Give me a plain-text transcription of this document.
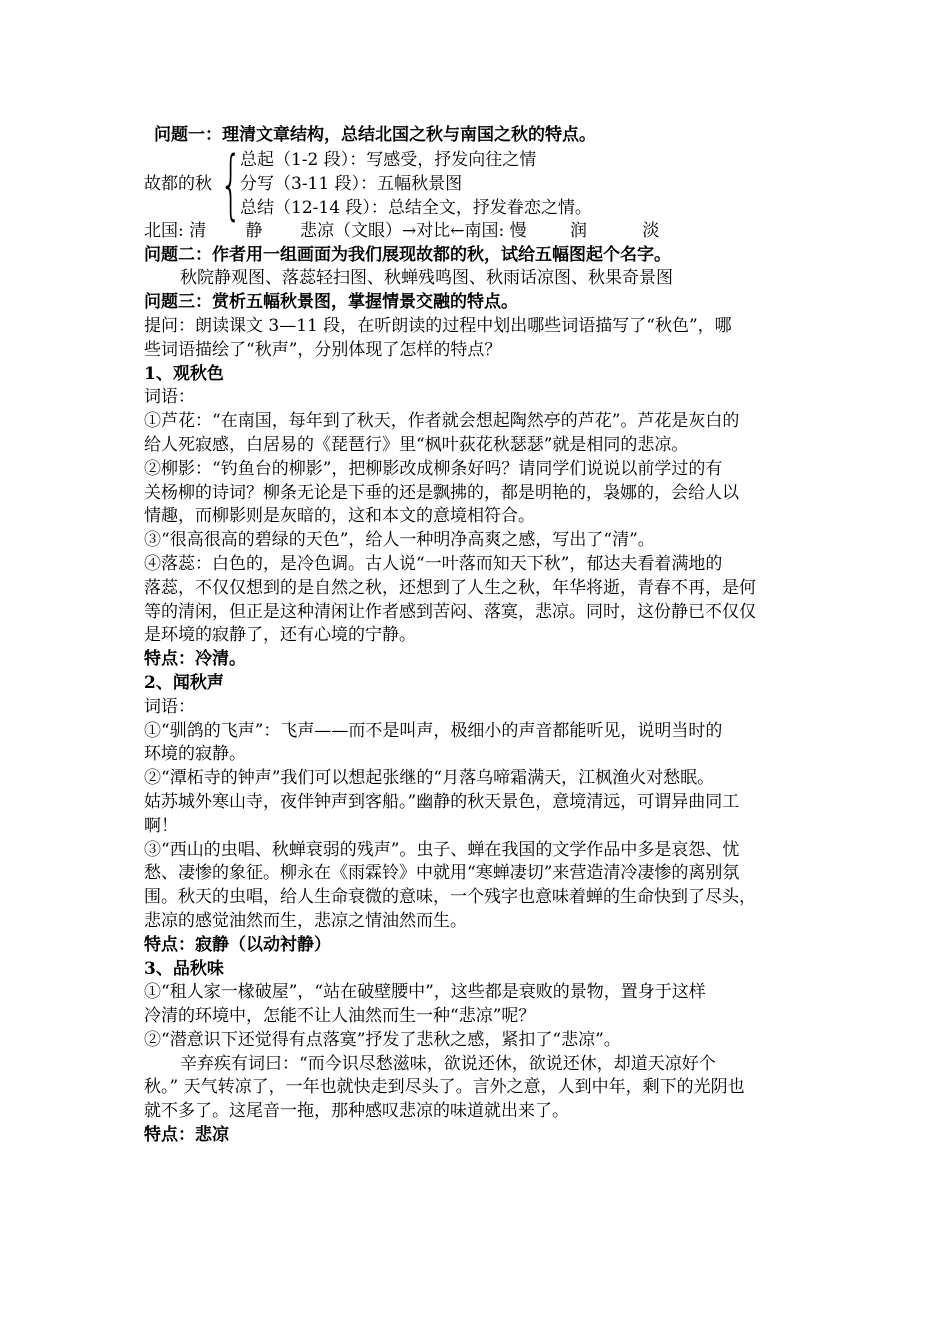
问题一：理清文章结构，总结北国之秋与南国之秋的特点。
故都的秋 {
总起（1-2 段）：写感受，抒发向往之情
分写（3-11 段）：五幅秋景图
总结（12-14 段）：总结全文，抒发眷恋之情。
北国: 清 静 悲凉（文眼）→对比←南国: 慢	润	淡
问题二：作者用一组画面为我们展现故都的秋，试给五幅图起个名字。
秋院静观图、落蕊轻扫图、秋蝉残鸣图、秋雨话凉图、秋果奇景图
问题三：赏析五幅秋景图，掌握情景交融的特点。
提问：朗读课文 3—11 段，在听朗读的过程中划出哪些词语描写了“秋色”，哪
些词语描绘了“秋声”，分别体现了怎样的特点？
1、观秋色
词语：
①芦花：“在南国，每年到了秋天，作者就会想起陶然亭的芦花”。芦花是灰白的
给人死寂感，白居易的《琵琶行》里“枫叶荻花秋瑟瑟”就是相同的悲凉。
②柳影：“钓鱼台的柳影”，把柳影改成柳条好吗？请同学们说说以前学过的有
关杨柳的诗词？柳条无论是下垂的还是飘拂的，都是明艳的，袅娜的，会给人以
情趣，而柳影则是灰暗的，这和本文的意境相符合。
③“很高很高的碧绿的天色”，给人一种明净高爽之感，写出了“清”。
④落蕊：白色的，是冷色调。古人说“一叶落而知天下秋”，郁达夫看着满地的
落蕊，不仅仅想到的是自然之秋，还想到了人生之秋，年华将逝，青春不再，是何
等的清闲，但正是这种清闲让作者感到苦闷、落寞，悲凉。同时，这份静已不仅仅
是环境的寂静了，还有心境的宁静。
特点：冷清。
2、闻秋声
词语：
①“驯鸽的飞声”：飞声——而不是叫声，极细小的声音都能听见，说明当时的
环境的寂静。
②“潭柘寺的钟声”我们可以想起张继的“月落乌啼霜满天，江枫渔火对愁眠。
姑苏城外寒山寺，夜伴钟声到客船。”幽静的秋天景色，意境清远，可谓异曲同工
啊！
③“西山的虫唱、秋蝉衰弱的残声”。虫子、蝉在我国的文学作品中多是哀怨、忧
愁、凄惨的象征。柳永在《雨霖铃》中就用“寒蝉凄切”来营造清冷凄惨的离别氛
围。秋天的虫唱，给人生命衰微的意味，一个残字也意味着蝉的生命快到了尽头，
悲凉的感觉油然而生，悲凉之情油然而生。
特点：寂静（以动衬静）
3、品秋味
①“租人家一椽破屋”，“站在破壁腰中”，这些都是衰败的景物，置身于这样
冷清的环境中，怎能不让人油然而生一种“悲凉”呢？
②“潜意识下还觉得有点落寞”抒发了悲秋之感，紧扣了“悲凉”。
辛弃疾有词曰：“而今识尽愁滋味，欲说还休，欲说还休，却道天凉好个
秋。” 天气转凉了，一年也就快走到尽头了。言外之意，人到中年，剩下的光阴也
就不多了。这尾音一拖，那种感叹悲凉的味道就出来了。
特点：悲凉
